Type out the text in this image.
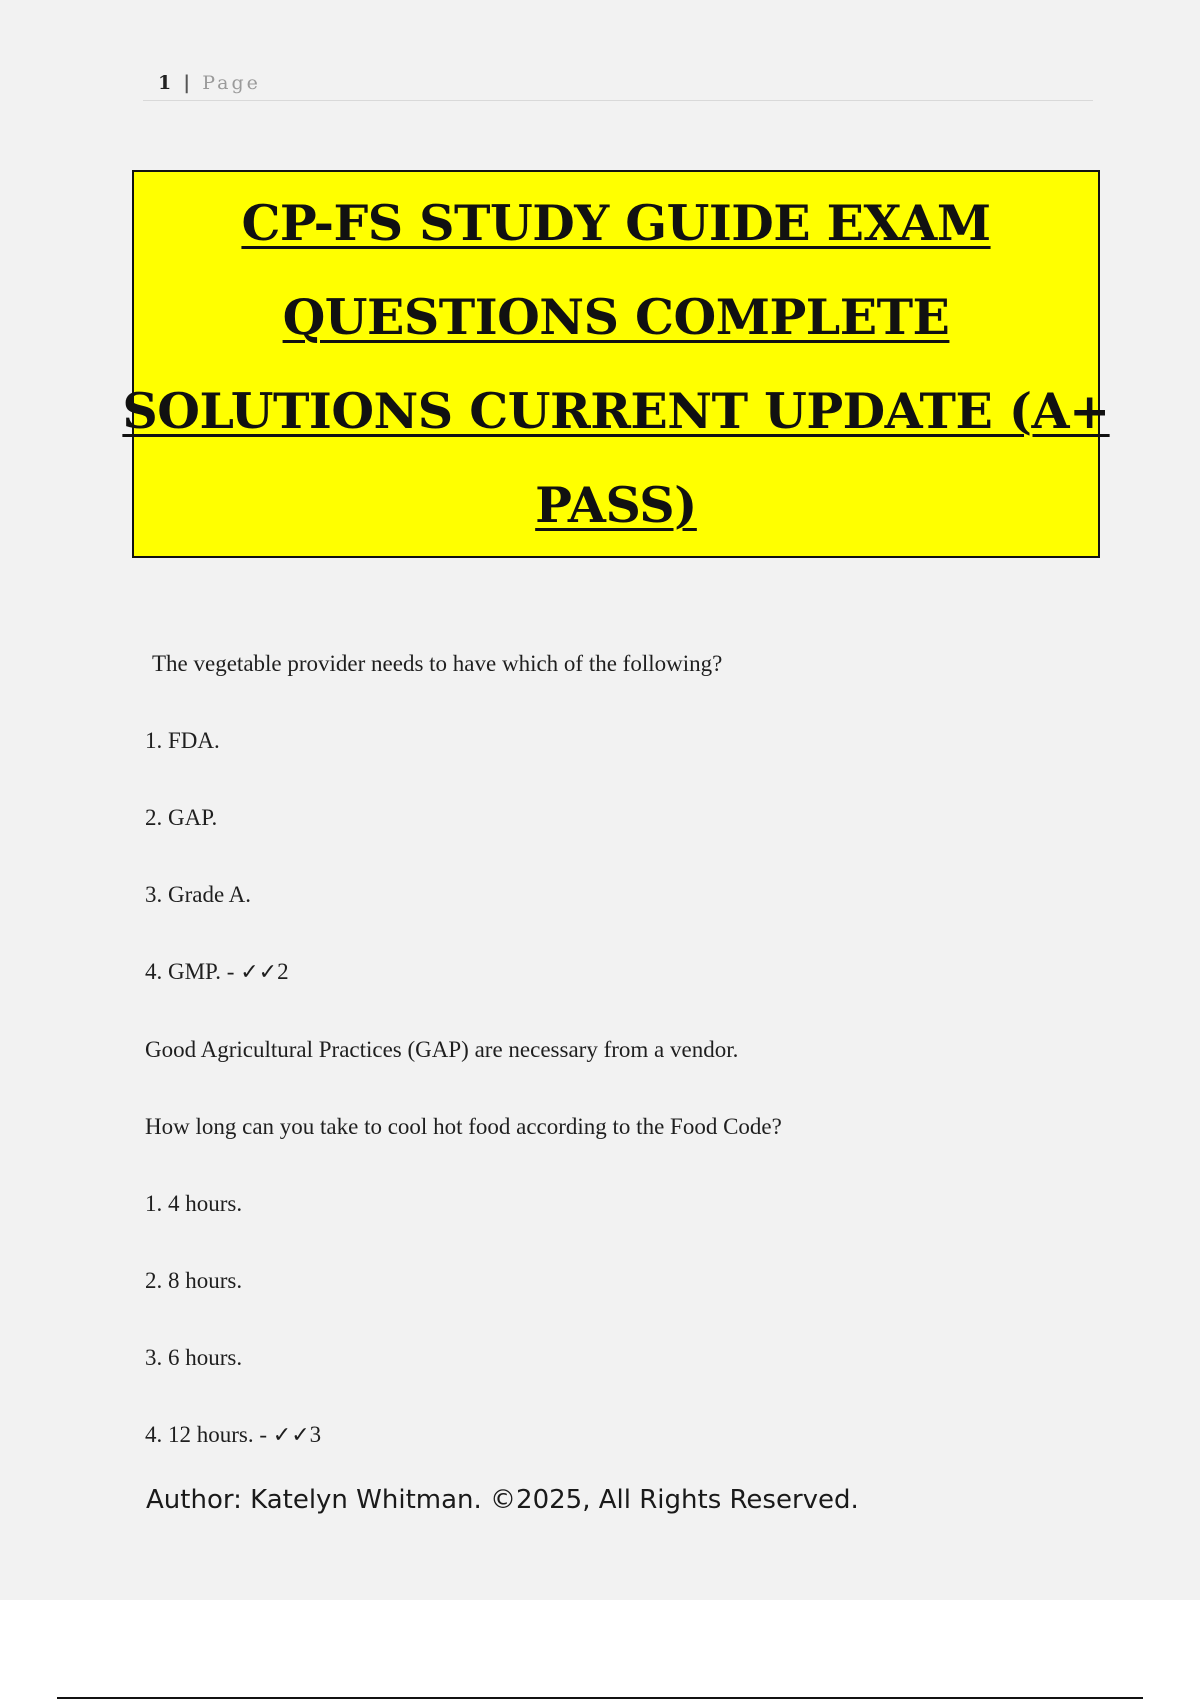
1 | Page
CP-FS STUDY GUIDE EXAM
QUESTIONS COMPLETE
SOLUTIONS CURRENT UPDATE (A+
PASS)

The vegetable provider needs to have which of the following?

1. FDA.

2. GAP.

3. Grade A.

4. GMP. - ✓✓2

Good Agricultural Practices (GAP) are necessary from a vendor.

How long can you take to cool hot food according to the Food Code?

1. 4 hours.

2. 8 hours.

3. 6 hours.

4. 12 hours. - ✓✓3

Author: Katelyn Whitman. ©2025, All Rights Reserved.
